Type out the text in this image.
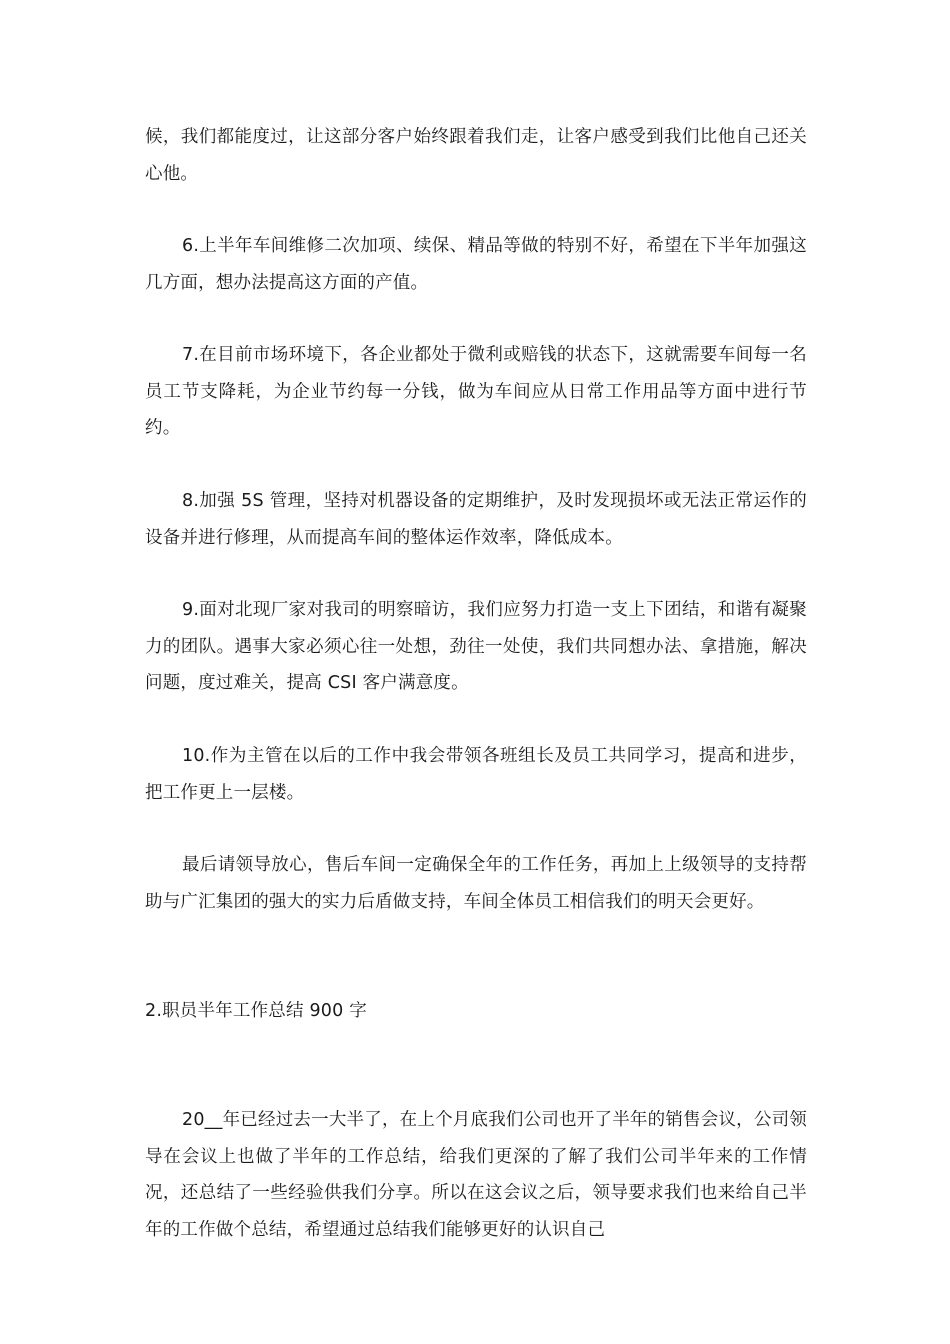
候，我们都能度过，让这部分客户始终跟着我们走，让客户感受到我们比他自己还关心他。

6.上半年车间维修二次加项、续保、精品等做的特别不好，希望在下半年加强这几方面，想办法提高这方面的产值。

7.在目前市场环境下，各企业都处于微利或赔钱的状态下，这就需要车间每一名员工节支降耗，为企业节约每一分钱，做为车间应从日常工作用品等方面中进行节约。

8.加强 5S 管理，坚持对机器设备的定期维护，及时发现损坏或无法正常运作的设备并进行修理，从而提高车间的整体运作效率，降低成本。

9.面对北现厂家对我司的明察暗访，我们应努力打造一支上下团结，和谐有凝聚力的团队。遇事大家必须心往一处想，劲往一处使，我们共同想办法、拿措施，解决问题，度过难关，提高 CSI 客户满意度。

10.作为主管在以后的工作中我会带领各班组长及员工共同学习，提高和进步，把工作更上一层楼。

最后请领导放心，售后车间一定确保全年的工作任务，再加上上级领导的支持帮助与广汇集团的强大的实力后盾做支持，车间全体员工相信我们的明天会更好。

2.职员半年工作总结 900 字

20__年已经过去一大半了，在上个月底我们公司也开了半年的销售会议，公司领导在会议上也做了半年的工作总结，给我们更深的了解了我们公司半年来的工作情况，还总结了一些经验供我们分享。所以在这会议之后，领导要求我们也来给自己半年的工作做个总结，希望通过总结我们能够更好的认识自己
